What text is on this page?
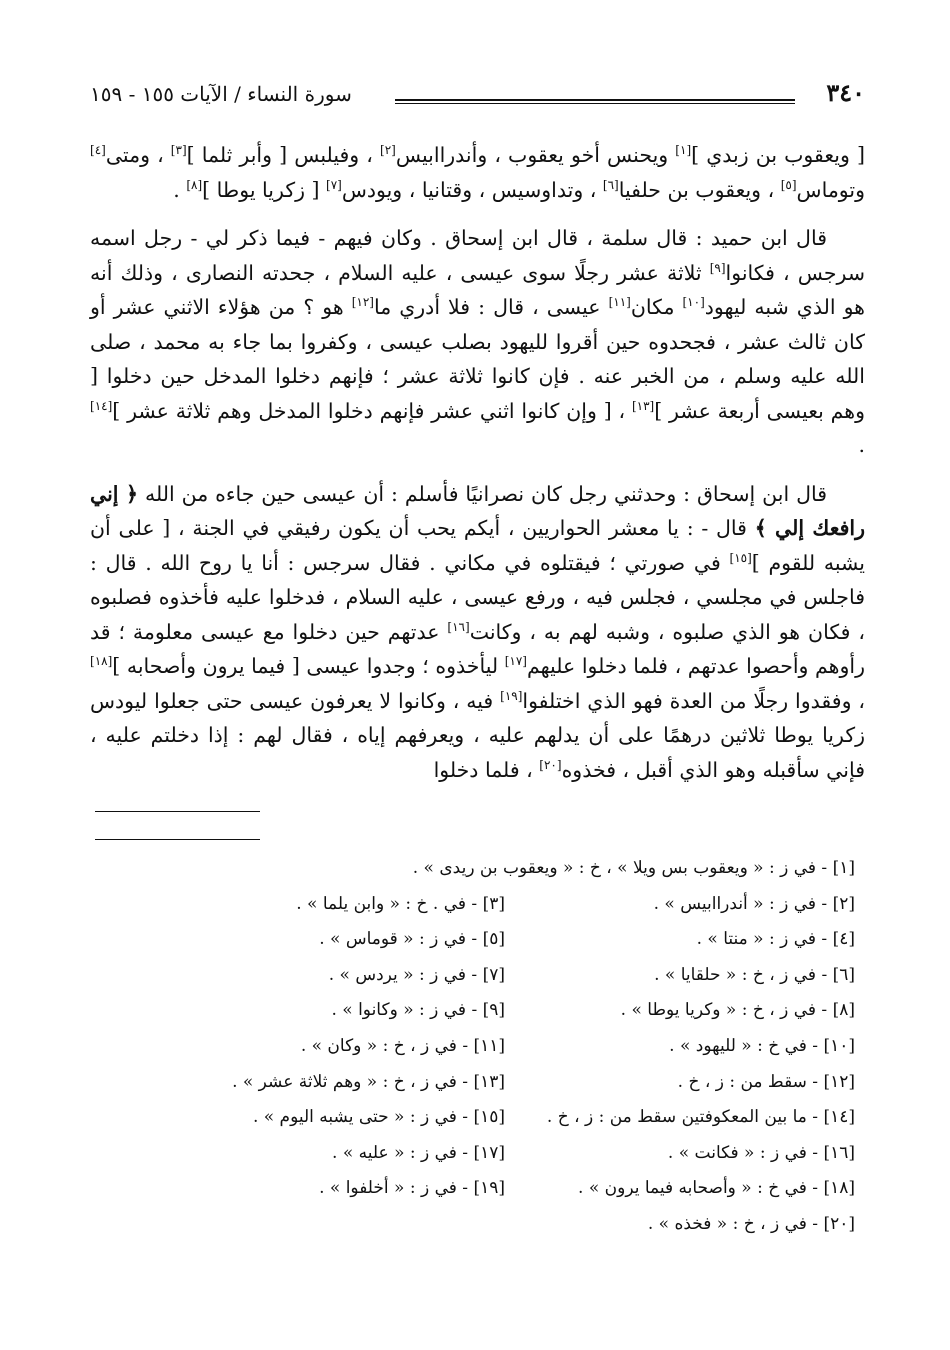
٣٤٠
سورة النساء / الآيات ١٥٥ - ١٥٩

[ ويعقوب بن زبدي ][١] ويحنس أخو يعقوب ، وأندراابيس[٢] ، وفيلبس [ وأبر ثلما ][٣] ، ومتى[٤] وتوماس[٥] ، ويعقوب بن حلفيا[٦] ، وتداوسيس ، وقتانيا ، ويودس[٧] [ زكريا يوطا ][٨] .

قال ابن حميد : قال سلمة ، قال ابن إسحاق . وكان فيهم - فيما ذكر لي - رجل اسمه سرجس ، فكانوا[٩] ثلاثة عشر رجلًا سوى عيسى ، عليه السلام ، جحدته النصارى ، وذلك أنه هو الذي شبه ليهود[١٠] مكان[١١] عيسى ، قال : فلا أدري ما[١٢] هو ؟ من هؤلاء الاثني عشر أو كان ثالث عشر ، فجحدوه حين أقروا لليهود بصلب عيسى ، وكفروا بما جاء به محمد ، صلى الله عليه وسلم ، من الخبر عنه . فإن كانوا ثلاثة عشر ؛ فإنهم دخلوا المدخل حين دخلوا [ وهم بعيسى أربعة عشر ][١٣] ، [ وإن كانوا اثني عشر فإنهم دخلوا المدخل وهم ثلاثة عشر ][١٤] .

قال ابن إسحاق : وحدثني رجل كان نصرانيًا فأسلم : أن عيسى حين جاءه من الله ﴿ إني رافعك إلي ﴾ قال - : يا معشر الحواريين ، أيكم يحب أن يكون رفيقي في الجنة ، [ على أن يشبه للقوم ][١٥] في صورتي ؛ فيقتلوه في مكاني . فقال سرجس : أنا يا روح الله . قال : فاجلس في مجلسي ، فجلس فيه ، ورفع عيسى ، عليه السلام ، فدخلوا عليه فأخذوه فصلبوه ، فكان هو الذي صلبوه ، وشبه لهم به ، وكانت[١٦] عدتهم حين دخلوا مع عيسى معلومة ؛ قد رأوهم وأحصوا عدتهم ، فلما دخلوا عليهم[١٧] ليأخذوه ؛ وجدوا عيسى [ فيما يرون وأصحابه ][١٨] ، وفقدوا رجلًا من العدة فهو الذي اختلفوا[١٩] فيه ، وكانوا لا يعرفون عيسى حتى جعلوا ليودس زكريا يوطا ثلاثين درهمًا على أن يدلهم عليه ، ويعرفهم إياه ، فقال لهم : إذا دخلتم عليه ، فإني سأقبله وهو الذي أقبل ، فخذوه[٢٠] ، فلما دخلوا

[١] - في ز : « ويعقوب بس ويلا » ، خ : « ويعقوب بن ريدى » .
[٢] - في ز : « أندراابيس » .
[٣] - في . خ : « وابن يلما » .
[٤] - في ز : « منتا » .
[٥] - في ز : « قوماس » .
[٦] - في ز ، خ : « حلقايا » .
[٧] - في ز : « يردس » .
[٨] - في ز ، خ : « وكريا يوطا » .
[٩] - في ز : « وكانوا » .
[١٠] - في خ : « لليهود » .
[١١] - في ز ، خ : « وكان » .
[١٢] - سقط من : ز ، خ .
[١٣] - في ز ، خ : « وهم ثلاثة عشر » .
[١٤] - ما بين المعكوفتين سقط من : ز ، خ .
[١٥] - في ز : « حتى يشبه اليوم » .
[١٦] - في ز : « فكانت » .
[١٧] - في ز : « عليه » .
[١٨] - في خ : « وأصحابه فيما يرون » .
[١٩] - في ز : « أخلفوا » .
[٢٠] - في ز ، خ : « فخذه » .
